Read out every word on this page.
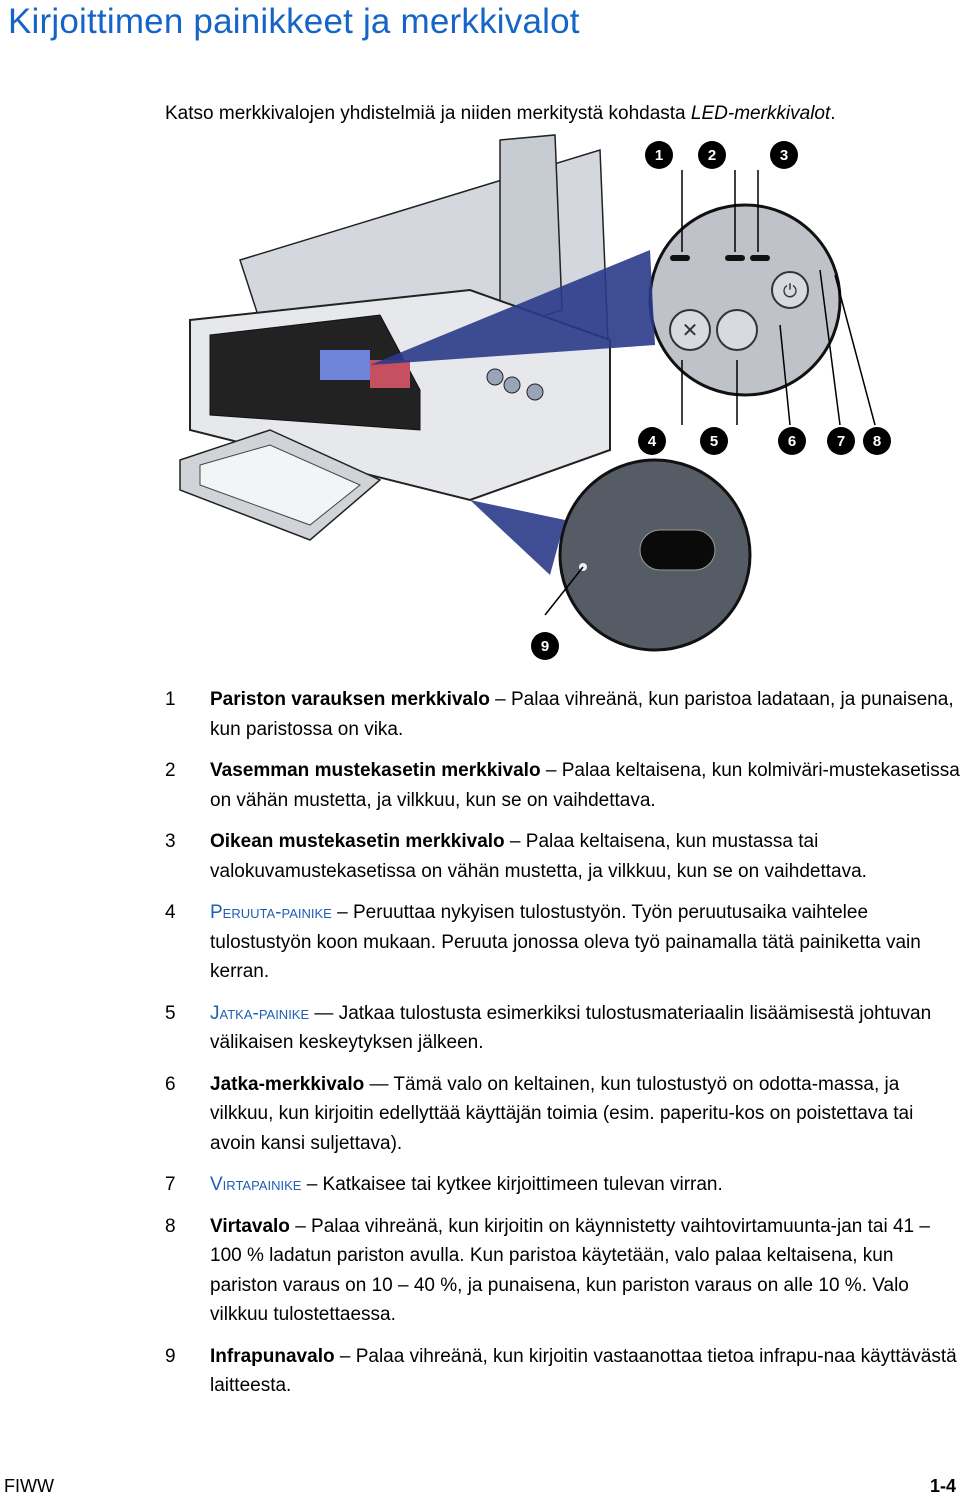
Kirjoittimen painikkeet ja merkkivalot

Katso merkkivalojen yhdistelmiä ja niiden merkitystä kohdasta LED-merkkivalot.

✕
⏻
1	2	3
4	5	6	7	8
9
1	Pariston varauksen merkkivalo – Palaa vihreänä, kun paristoa ladataan, ja punaisena, kun paristossa on vika.
2	Vasemman mustekasetin merkkivalo – Palaa keltaisena, kun kolmiväri-mustekasetissa on vähän mustetta, ja vilkkuu, kun se on vaihdettava.
3	Oikean mustekasetin merkkivalo – Palaa keltaisena, kun mustassa tai valokuvamustekasetissa on vähän mustetta, ja vilkkuu, kun se on vaihdettava.
4	Peruuta-painike – Peruuttaa nykyisen tulostustyön. Työn peruutusaika vaihtelee tulostustyön koon mukaan. Peruuta jonossa oleva työ painamalla tätä painiketta vain kerran.
5	Jatka-painike — Jatkaa tulostusta esimerkiksi tulostusmateriaalin lisäämisestä johtuvan välikaisen keskeytyksen jälkeen.
6	Jatka-merkkivalo — Tämä valo on keltainen, kun tulostustyö on odotta-massa, ja vilkkuu, kun kirjoitin edellyttää käyttäjän toimia (esim. paperitu-kos on poistettava tai avoin kansi suljettava).
7	Virtapainike – Katkaisee tai kytkee kirjoittimeen tulevan virran.
8	Virtavalo – Palaa vihreänä, kun kirjoitin on käynnistetty vaihtovirtamuunta-jan tai 41 – 100 % ladatun pariston avulla. Kun paristoa käytetään, valo palaa keltaisena, kun pariston varaus on 10 – 40 %, ja punaisena, kun pariston varaus on alle 10 %. Valo vilkkuu tulostettaessa.
9	Infrapunavalo – Palaa vihreänä, kun kirjoitin vastaanottaa tietoa infrapu-naa käyttävästä laitteesta.
FIWW	1-4
